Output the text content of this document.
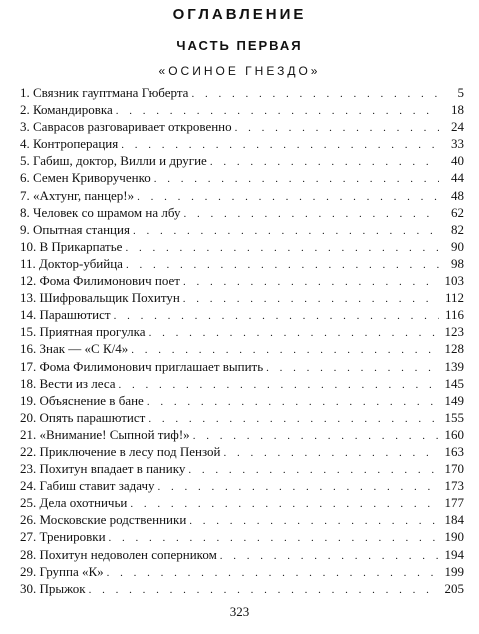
ОГЛАВЛЕНИЕ
ЧАСТЬ ПЕРВАЯ
«ОСИНОЕ ГНЕЗДО»
1. Связник гауптмана Гюберта . . .	5
2. Командировка . . .	18
3. Саврасов разговаривает откровенно . . .	24
4. Контроперация . . .	33
5. Габиш, доктор, Вилли и другие . . .	40
6. Семен Криворученко . . .	44
7. «Ахтунг, панцер!» . . .	48
8. Человек со шрамом на лбу . . .	62
9. Опытная станция . . .	82
10. В Прикарпатье . . .	90
11. Доктор-убийца . . .	98
12. Фома Филимонович поет . . .	103
13. Шифровальщик Похитун . . .	112
14. Парашютист . . .	116
15. Приятная прогулка . . .	123
16. Знак — «С К/4» . . .	128
17. Фома Филимонович приглашает выпить . . .	139
18. Вести из леса . . .	145
19. Объяснение в бане . . .	149
20. Опять парашютист . . .	155
21. «Внимание! Сыпной тиф!» . . .	160
22. Приключение в лесу под Пензой . . .	163
23. Похитун впадает в панику . . .	170
24. Габиш ставит задачу . . .	173
25. Дела охотничьи . . .	177
26. Московские родственники . . .	184
27. Тренировки . . .	190
28. Похитун недоволен соперником . . .	194
29. Группа «К» . . .	199
30. Прыжок . . .	205
323
